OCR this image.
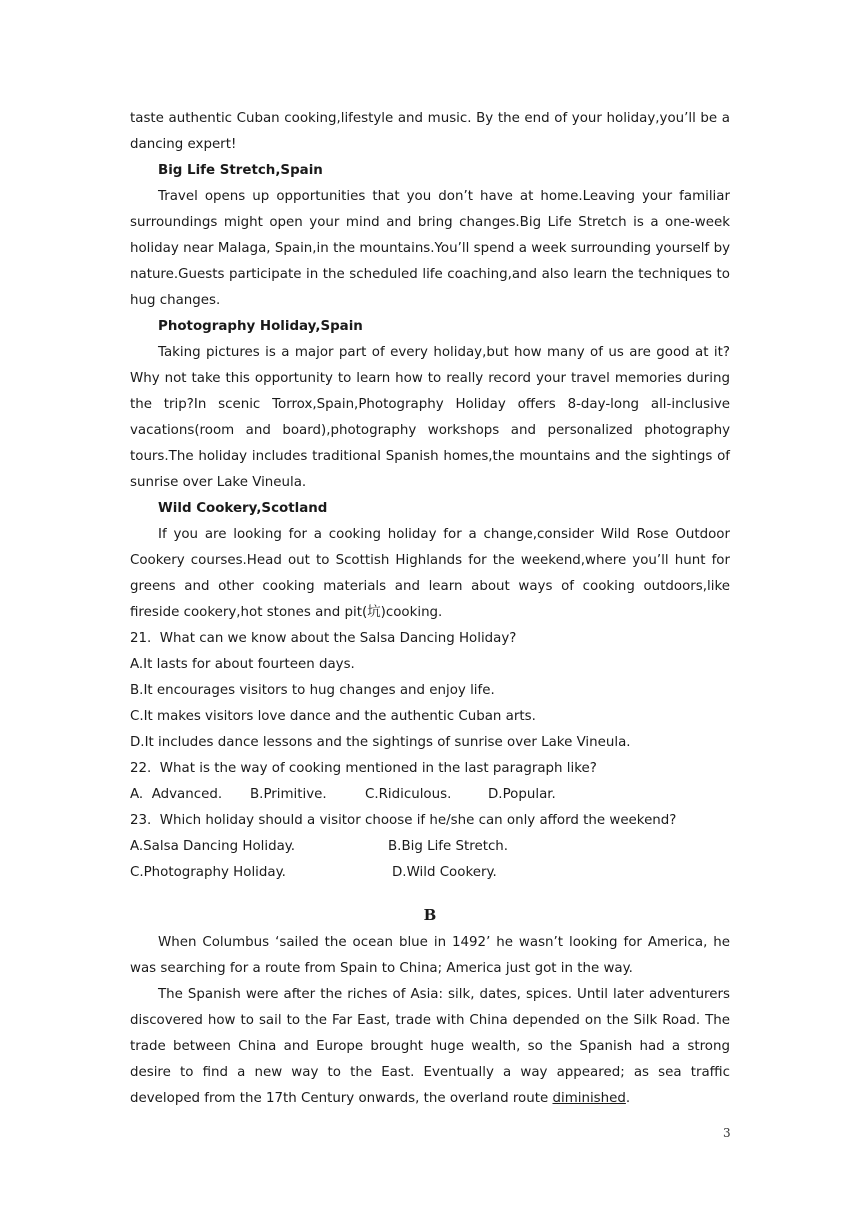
taste authentic Cuban cooking,lifestyle and music. By the end of your holiday,you’ll be a dancing expert!

Big Life Stretch,Spain

Travel opens up opportunities that you don’t have at home.Leaving your familiar surroundings might open your mind and bring changes.Big Life Stretch is a one-week holiday near Malaga, Spain,in the mountains.You’ll spend a week surrounding yourself by nature.Guests participate in the scheduled life coaching,and also learn the techniques to hug changes.

Photography Holiday,Spain

Taking pictures is a major part of every holiday,but how many of us are good at it?Why not take this opportunity to learn how to really record your travel memories during the trip?In scenic Torrox,Spain,Photography Holiday offers 8-day-long all-inclusive vacations(room and board),photography workshops and personalized photography tours.The holiday includes traditional Spanish homes,the mountains and the sightings of sunrise over Lake Vineula.

Wild Cookery,Scotland

If you are looking for a cooking holiday for a change,consider Wild Rose Outdoor Cookery courses.Head out to Scottish Highlands for the weekend,where you’ll hunt for greens and other cooking materials and learn about ways of cooking outdoors,like fireside cookery,hot stones and pit(坑)cooking.

21.  What can we know about the Salsa Dancing Holiday?

A.It lasts for about fourteen days.

B.It encourages visitors to hug changes and enjoy life.

C.It makes visitors love dance and the authentic Cuban arts.

D.It includes dance lessons and the sightings of sunrise over Lake Vineula.

22.  What is the way of cooking mentioned in the last paragraph like?

A.  Advanced.	B.Primitive.	C.Ridiculous.	D.Popular.

23.  Which holiday should a visitor choose if he/she can only afford the weekend?

A.Salsa Dancing Holiday.	B.Big Life Stretch.
C.Photography Holiday.	D.Wild Cookery.

B

When Columbus ‘sailed the ocean blue in 1492’ he wasn’t looking for America, he was searching for a route from Spain to China; America just got in the way.

The Spanish were after the riches of Asia: silk, dates, spices. Until later adventurers discovered how to sail to the Far East, trade with China depended on the Silk Road. The trade between China and Europe brought huge wealth, so the Spanish had a strong desire to find a new way to the East. Eventually a way appeared; as sea traffic developed from the 17th Century onwards, the overland route diminished.

3
